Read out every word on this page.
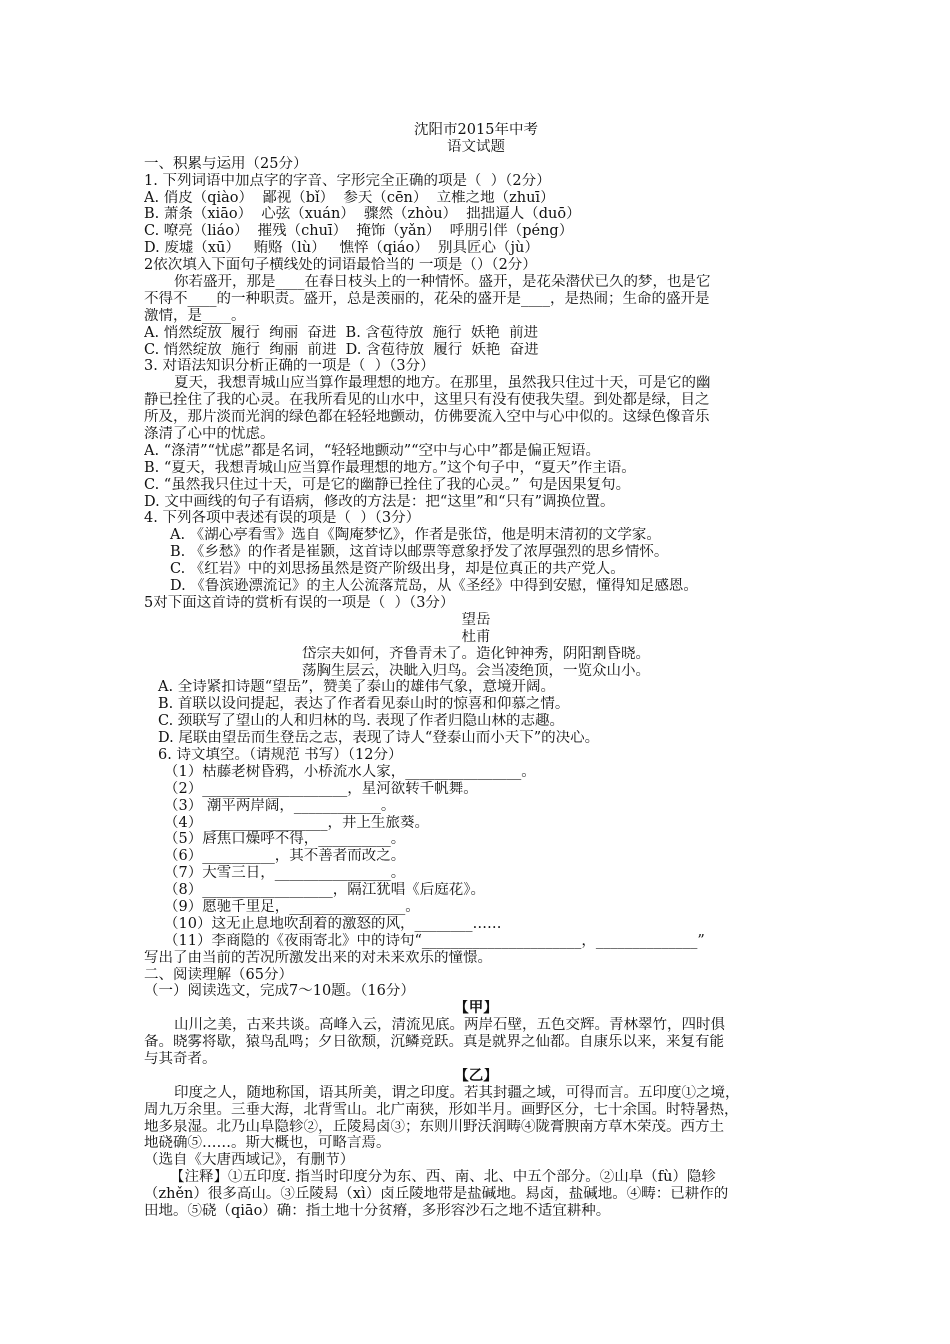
沈阳市2015年中考
语文试题
一、积累与运用（25分）
1. 下列词语中加点字的字音、字形完全正确的项是（  ）（2分）
A. 俏皮（qiào）  鄙视（bǐ）  参天（cēn）  立椎之地（zhuī）
B. 萧条（xiāo）  心弦（xuán）  骤然（zhòu）  拙拙逼人（duō）
C. 嘹亮（liáo）  摧残（chuī）  掩饰（yǎn）  呼朋引伴（péng）
D. 废墟（xū）   贿赂（lù）   憔悴（qiáo）  别具匠心（jù）
2依次填入下面句子横线处的词语最恰当的 一项是（）（2分）
你若盛开，那是____在春日枝头上的一种情怀。盛开，是花朵潜伏已久的梦，也是它
不得不____的一种职责。盛开，总是羡丽的，花朵的盛开是____，是热闹；生命的盛开是
激情，是____。
A. 悄然绽放  履行  绚丽  奋进  B. 含苞待放  施行  妖艳  前进
C. 悄然绽放  施行  绚丽  前进  D. 含苞待放  履行  妖艳  奋进
3. 对语法知识分析正确的一项是（  ）（3分）
夏天，我想青城山应当算作最理想的地方。在那里，虽然我只住过十天，可是它的幽
静已拴住了我的心灵。在我所看见的山水中，这里只有没有使我失望。到处都是绿，目之
所及，那片淡而光润的绿色都在轻轻地颤动，仿佛要流入空中与心中似的。这绿色像音乐
涤清了心中的忧虑。
A. “涤清”“忧虑”都是名词，“轻轻地颤动”“空中与心中”都是偏正短语。
B. “夏天，我想青城山应当算作最理想的地方。”这个句子中，“夏天”作主语。
C. “虽然我只住过十天，可是它的幽静已拴住了我的心灵。”  句是因果复句。
D. 文中画线的句子有语病，修改的方法是：把“这里”和“只有”调换位置。
4. 下列各项中表述有误的项是（  ）（3分）
A. 《湖心亭看雪》选自《陶庵梦忆》，作者是张岱，他是明末清初的文学家。
B. 《乡愁》的作者是崔颢，这首诗以邮票等意象抒发了浓厚强烈的思乡情怀。
C. 《红岩》中的刘思扬虽然是资产阶级出身，却是位真正的共产党人。
D. 《鲁滨逊漂流记》的主人公流落荒岛，从《圣经》中得到安慰，懂得知足感恩。
5对下面这首诗的赏析有误的一项是（  ）（3分）
望岳
杜甫
岱宗夫如何，齐鲁青未了。造化钟神秀，阴阳割昏晓。
荡胸生层云，决眦入归鸟。会当凌绝顶，一览众山小。
A. 全诗紧扣诗题“望岳”，赞美了泰山的雄伟气象，意境开阔。
B. 首联以设问提起，表达了作者看见泰山时的惊喜和仰慕之情。
C. 颈联写了望山的人和归林的鸟. 表现了作者归隐山林的志趣。
D. 尾联由望岳而生登岳之志，表现了诗人“登泰山而小天下”的决心。
6. 诗文填空。（请规范 书写）（12分）
（1）枯藤老树昏鸦，小桥流水人家，________________。
（2）____________________，星河欲转千帆舞。
（3） 潮平两岸阔，____________。
（4）  ________________，井上生旅葵。
（5）唇焦口燥呼不得，__________。
（6）__________，其不善者而改之。
（7）大雪三日，________________。
（8）__________________，隔江犹唱《后庭花》。
（9）愿驰千里足，________________。
（10）这无止息地吹刮着的激怒的风，________……
（11）李商隐的《夜雨寄北》中的诗句“______________________，______________”
写出了由当前的苦况所激发出来的对未来欢乐的憧憬。
二、阅读理解（65分）
（一）阅读选文，完成7～10题。（16分）
【甲】
山川之美，古来共谈。高峰入云，清流见底。两岸石壁，五色交辉。青林翠竹，四时俱
备。晓雾将歇，猿鸟乱鸣；夕日欲颓，沉鳞竞跃。真是就界之仙都。自康乐以来，来复有能
与其奇者。
【乙】
印度之人，随地称国，语其所美，谓之印度。若其封疆之域，可得而言。五印度①之境，
周九万余里。三垂大海，北背雪山。北广南狭，形如半月。画野区分，七十余国。时特暑热，
地多泉湿。北乃山阜隐轸②，丘陵舄卤③；东则川野沃润畴④陇膏腴南方草木荣茂。西方土
地硗确⑤……。斯大概也，可略言焉。
（选自《大唐西域记》，有删节）
【注释】①五印度. 指当时印度分为东、西、南、北、中五个部分。②山阜（fù）隐轸
（zhěn）很多高山。③丘陵舄（xì）卤丘陵地带是盐碱地。舄卤，盐碱地。④畴：已耕作的
田地。⑤硗（qiāo）确：指土地十分贫瘠，多形容沙石之地不适宜耕种。
